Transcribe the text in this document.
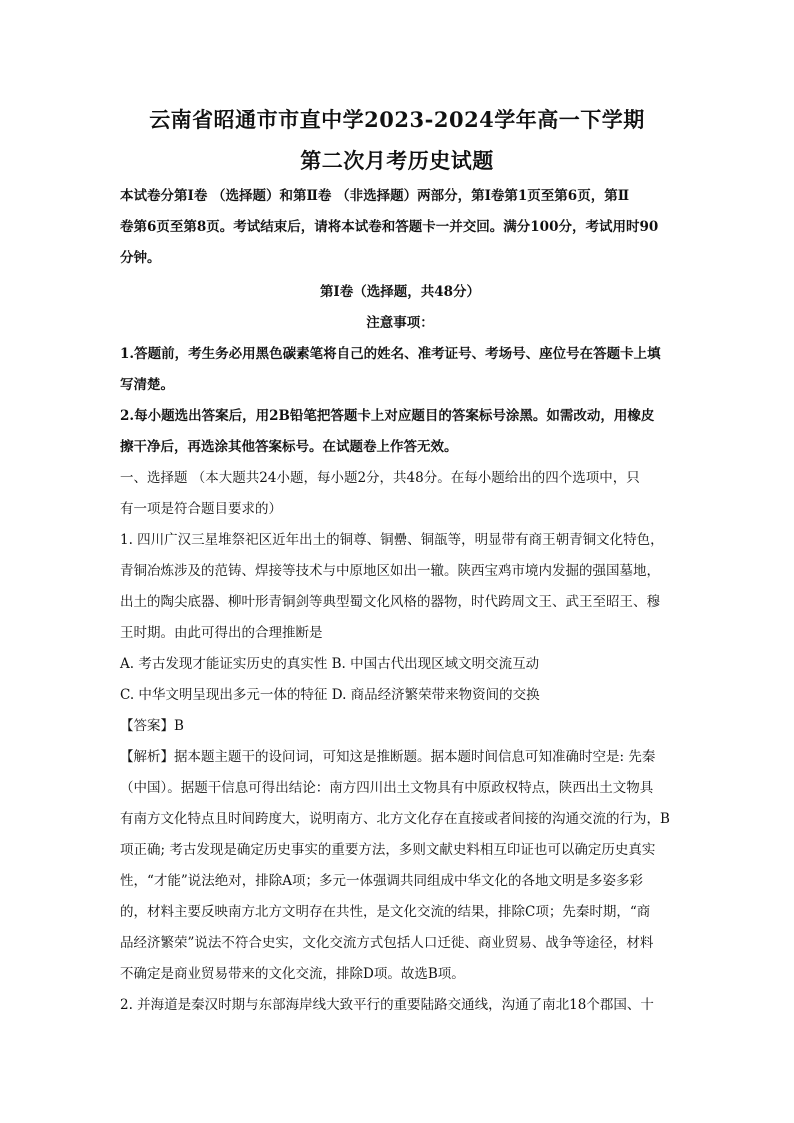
云南省昭通市市直中学2023-2024学年高一下学期
第二次月考历史试题
本试卷分第Ⅰ卷 （选择题）和第Ⅱ卷 （非选择题）两部分，第Ⅰ卷第1页至第6页，第Ⅱ
卷第6页至第8页。考试结束后，请将本试卷和答题卡一并交回。满分100分，考试用时90
分钟。
第Ⅰ卷（选择题，共48分）
注意事项：
1.答题前，考生务必用黑色碳素笔将自己的姓名、准考证号、考场号、座位号在答题卡上填
写清楚。
2.每小题选出答案后，用2B铅笔把答题卡上对应题目的答案标号涂黑。如需改动，用橡皮
擦干净后，再选涂其他答案标号。在试题卷上作答无效。
一、选择题 （本大题共24小题，每小题2分，共48分。在每小题给出的四个选项中，只
有一项是符合题目要求的）
1. 四川广汉三星堆祭祀区近年出土的铜尊、铜罍、铜瓿等，明显带有商王朝青铜文化特色，
青铜冶炼涉及的范铸、焊接等技术与中原地区如出一辙。陕西宝鸡市境内发掘的强国墓地，
出土的陶尖底器、柳叶形青铜剑等典型蜀文化风格的器物，时代跨周文王、武王至昭王、穆
王时期。由此可得出的合理推断是
A. 考古发现才能证实历史的真实性 B. 中国古代出现区域文明交流互动
C. 中华文明呈现出多元一体的特征 D. 商品经济繁荣带来物资间的交换
【答案】B
【解析】据本题主题干的设问词，可知这是推断题。据本题时间信息可知准确时空是: 先秦
（中国）。据题干信息可得出结论：南方四川出土文物具有中原政权特点，陕西出土文物具
有南方文化特点且时间跨度大，说明南方、北方文化存在直接或者间接的沟通交流的行为，B
项正确; 考古发现是确定历史事实的重要方法，多则文献史料相互印证也可以确定历史真实
性，“才能”说法绝对，排除A项；多元一体强调共同组成中华文化的各地文明是多姿多彩
的，材料主要反映南方北方文明存在共性，是文化交流的结果，排除C项；先秦时期，“商
品经济繁荣”说法不符合史实，文化交流方式包括人口迁徙、商业贸易、战争等途径，材料
不确定是商业贸易带来的文化交流，排除D项。故选B项。
2. 并海道是秦汉时期与东部海岸线大致平行的重要陆路交通线，沟通了南北18个郡国、十
